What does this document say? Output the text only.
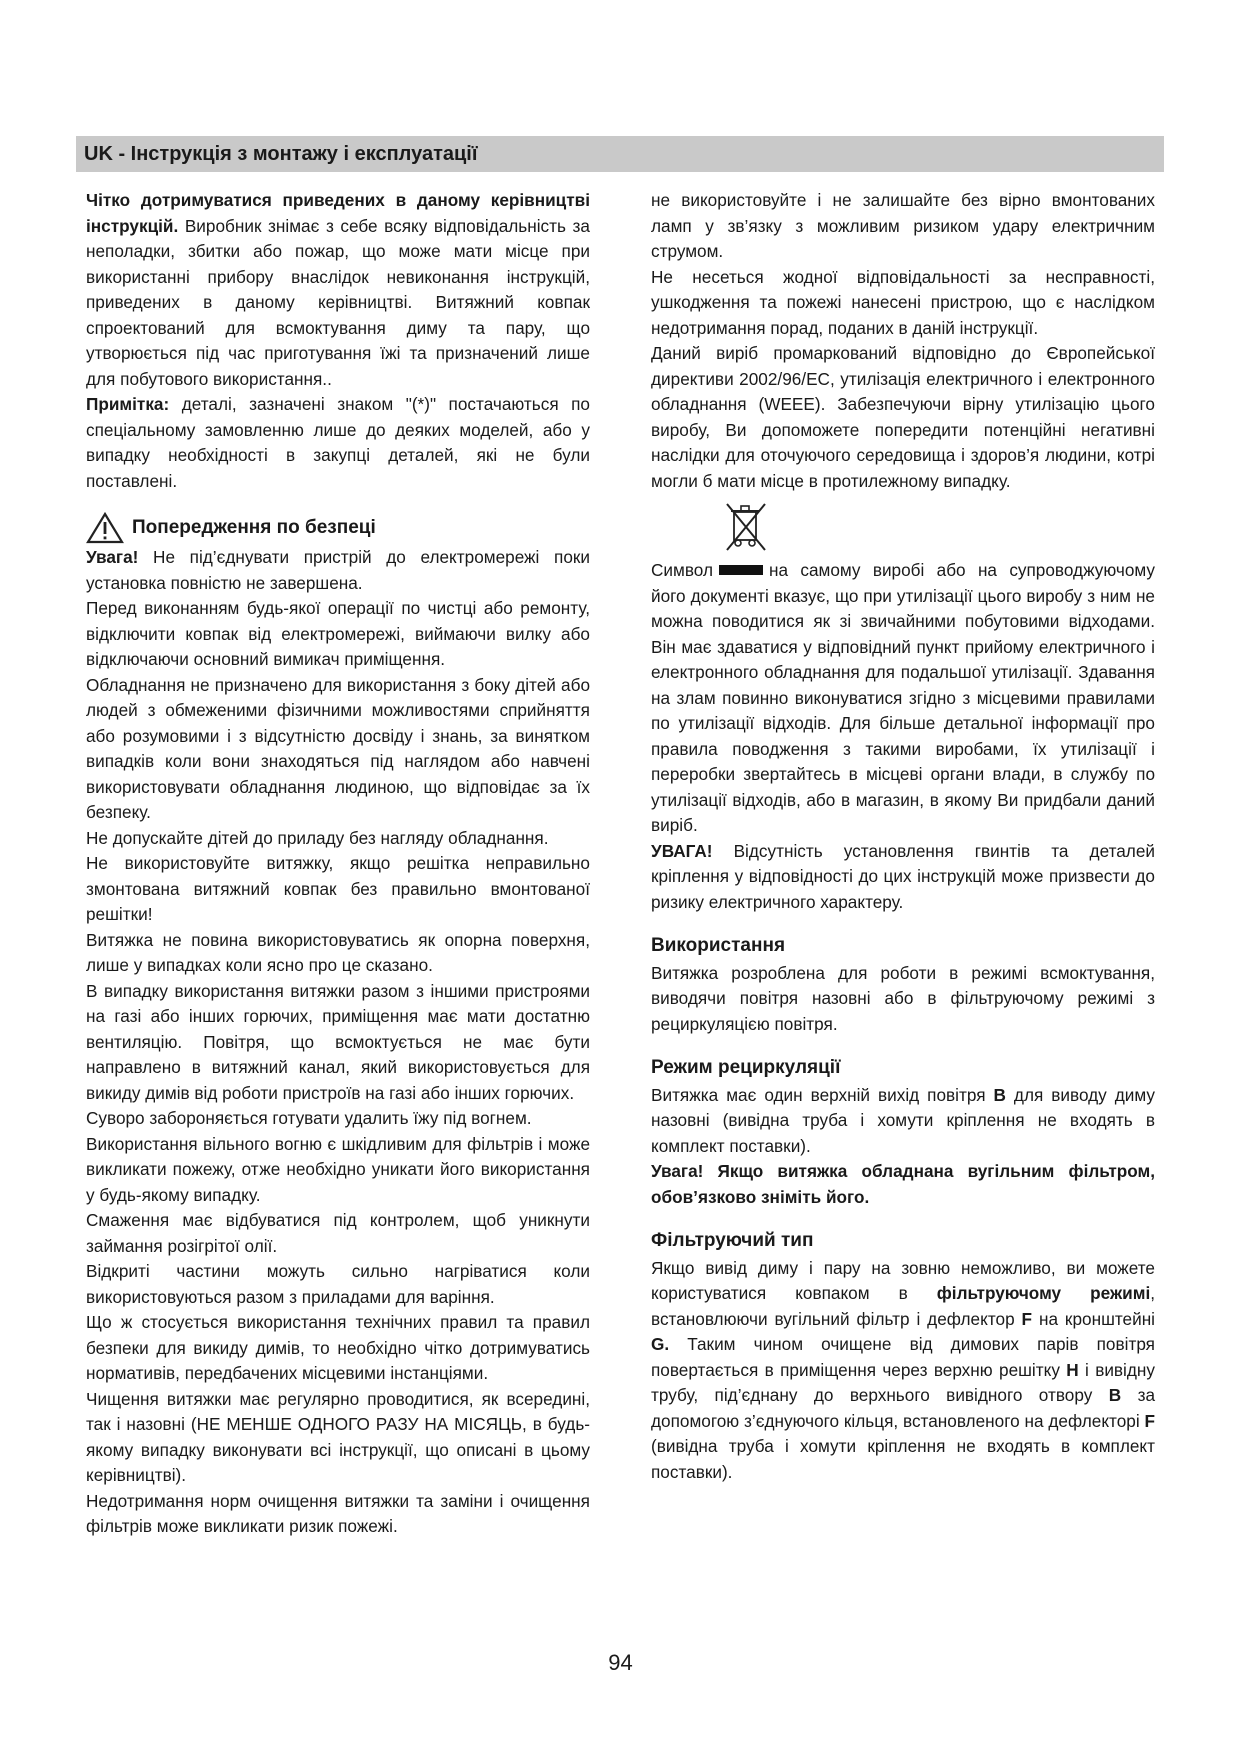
UK - Інструкція з монтажу і експлуатації

Чітко дотримуватися приведених в даному керівництві інструкцій. Виробник знімає з себе всяку відповідальність за неполадки, збитки або пожар, що може мати місце при використанні прибору внаслідок невиконання інструкцій, приведених в даному керівництві. Витяжний ковпак спроектований для всмоктування диму та пару, що утворюється під час приготування їжі та призначений лише для побутового використання..

Примітка: деталі, зазначені знаком "(*)" постачаються по спеціальному замовленню лише до деяких моделей, або у випадку необхідності в закупці деталей, які не були поставлені.

Попередження по безпеці

Увага! Не під’єднувати пристрій до електромережі поки установка повністю не завершена.

Перед виконанням будь-якої операції по чистці або ремонту, відключити ковпак від електромережі, виймаючи вилку або відключаючи основний вимикач приміщення.

Обладнання не призначено для використання з боку дітей або людей з обмеженими фізичними можливостями сприйняття або розумовими і з відсутністю досвіду і знань, за винятком випадків коли вони знаходяться під наглядом або навчені використовувати обладнання людиною, що відповідає за їх безпеку.

Не допускайте дітей до приладу без нагляду обладнання.

Не використовуйте витяжку, якщо решітка неправильно змонтована витяжний ковпак без правильно вмонтованої решітки!

Витяжка не повина використовуватись як опорна поверхня, лише у випадках коли ясно про це сказано.

В випадку використання витяжки разом з іншими пристроями на газі або інших горючих, приміщення має мати достатню вентиляцію. Повітря, що всмоктується не має бути направлено в витяжний канал, який використовується для викиду димів від роботи пристроїв на газі або інших горючих.

Суворо забороняється готувати удалить їжу під вогнем.

Використання вільного вогню є шкідливим для фільтрів і може викликати пожежу, отже необхідно уникати його використання у будь-якому випадку.

Смаження має відбуватися під контролем, щоб уникнути займання розігрітої олії.

Відкриті частини можуть сильно нагріватися коли використовуються разом з приладами для варіння.

Що ж стосується використання технічних правил та правил безпеки для викиду димів, то необхідно чітко дотримуватись нормативів, передбачених місцевими інстанціями.

Чищення витяжки має регулярно проводитися, як всередині, так і назовні (НЕ МЕНШЕ ОДНОГО РАЗУ НА МІСЯЦЬ, в будь-якому випадку виконувати всі інструкції, що описані в цьому керівництві).

Недотримання норм очищення витяжки та заміни і очищення фільтрів може викликати ризик пожежі.

не використовуйте і не залишайте без вірно вмонтованих ламп у зв’язку з можливим ризиком удару електричним струмом.

Не несеться жодної відповідальності за несправності, ушкодження та пожежі нанесені пристрою, що є наслідком недотримання порад, поданих в даній інструкції.

Даний виріб промаркований відповідно до Європейської директиви 2002/96/EC, утилізація електричного і електронного обладнання (WEEE). Забезпечуючи вірну утилізацію цього виробу, Ви допоможете попередити потенційні негативні наслідки для оточуючого середовища і здоров’я людини, котрі могли б мати місце в протилежному випадку.

Символ	на самому виробі або на супроводжуючому його документі вказує, що при утилізації цього виробу з ним не можна поводитися як зі звичайними побутовими відходами. Він має здаватися у відповідний пункт прийому електричного і електронного обладнання для подальшої утилізації. Здавання на злам повинно виконуватися згідно з місцевими правилами по утилізації відходів. Для більше детальної інформації про правила поводження з такими виробами, їх утилізації і переробки звертайтесь в місцеві органи влади, в службу по утилізації відходів, або в магазин, в якому Ви придбали даний виріб.

УВАГА! Відсутність установлення гвинтів та деталей кріплення у відповідності до цих інструкцій може призвести до ризику електричного характеру.

Використання

Витяжка розроблена для роботи в режимі всмоктування, виводячи повітря назовні або в фільтруючому режимі з рециркуляцією повітря.

Режим рециркуляції

Витяжка має один верхній вихід повітря B для виводу диму назовні (вивідна труба і хомути кріплення не входять в комплект поставки).

Увага! Якщо витяжка обладнана вугільним фільтром, обов’язково зніміть його.

Фільтруючий тип

Якщо вивід диму і пару на зовню неможливо, ви можете користуватися ковпаком в фільтруючому режимі, встановлюючи вугільний фільтр і дефлектор F на кронштейні G. Таким чином очищене від димових парів повітря повертається в приміщення через верхню решітку H і вивідну трубу, під’єднану до верхнього вивідного отвору B за допомогою з’єднуючого кільця, встановленого на дефлекторі F (вивідна труба і хомути кріплення не входять в комплект поставки).

94
